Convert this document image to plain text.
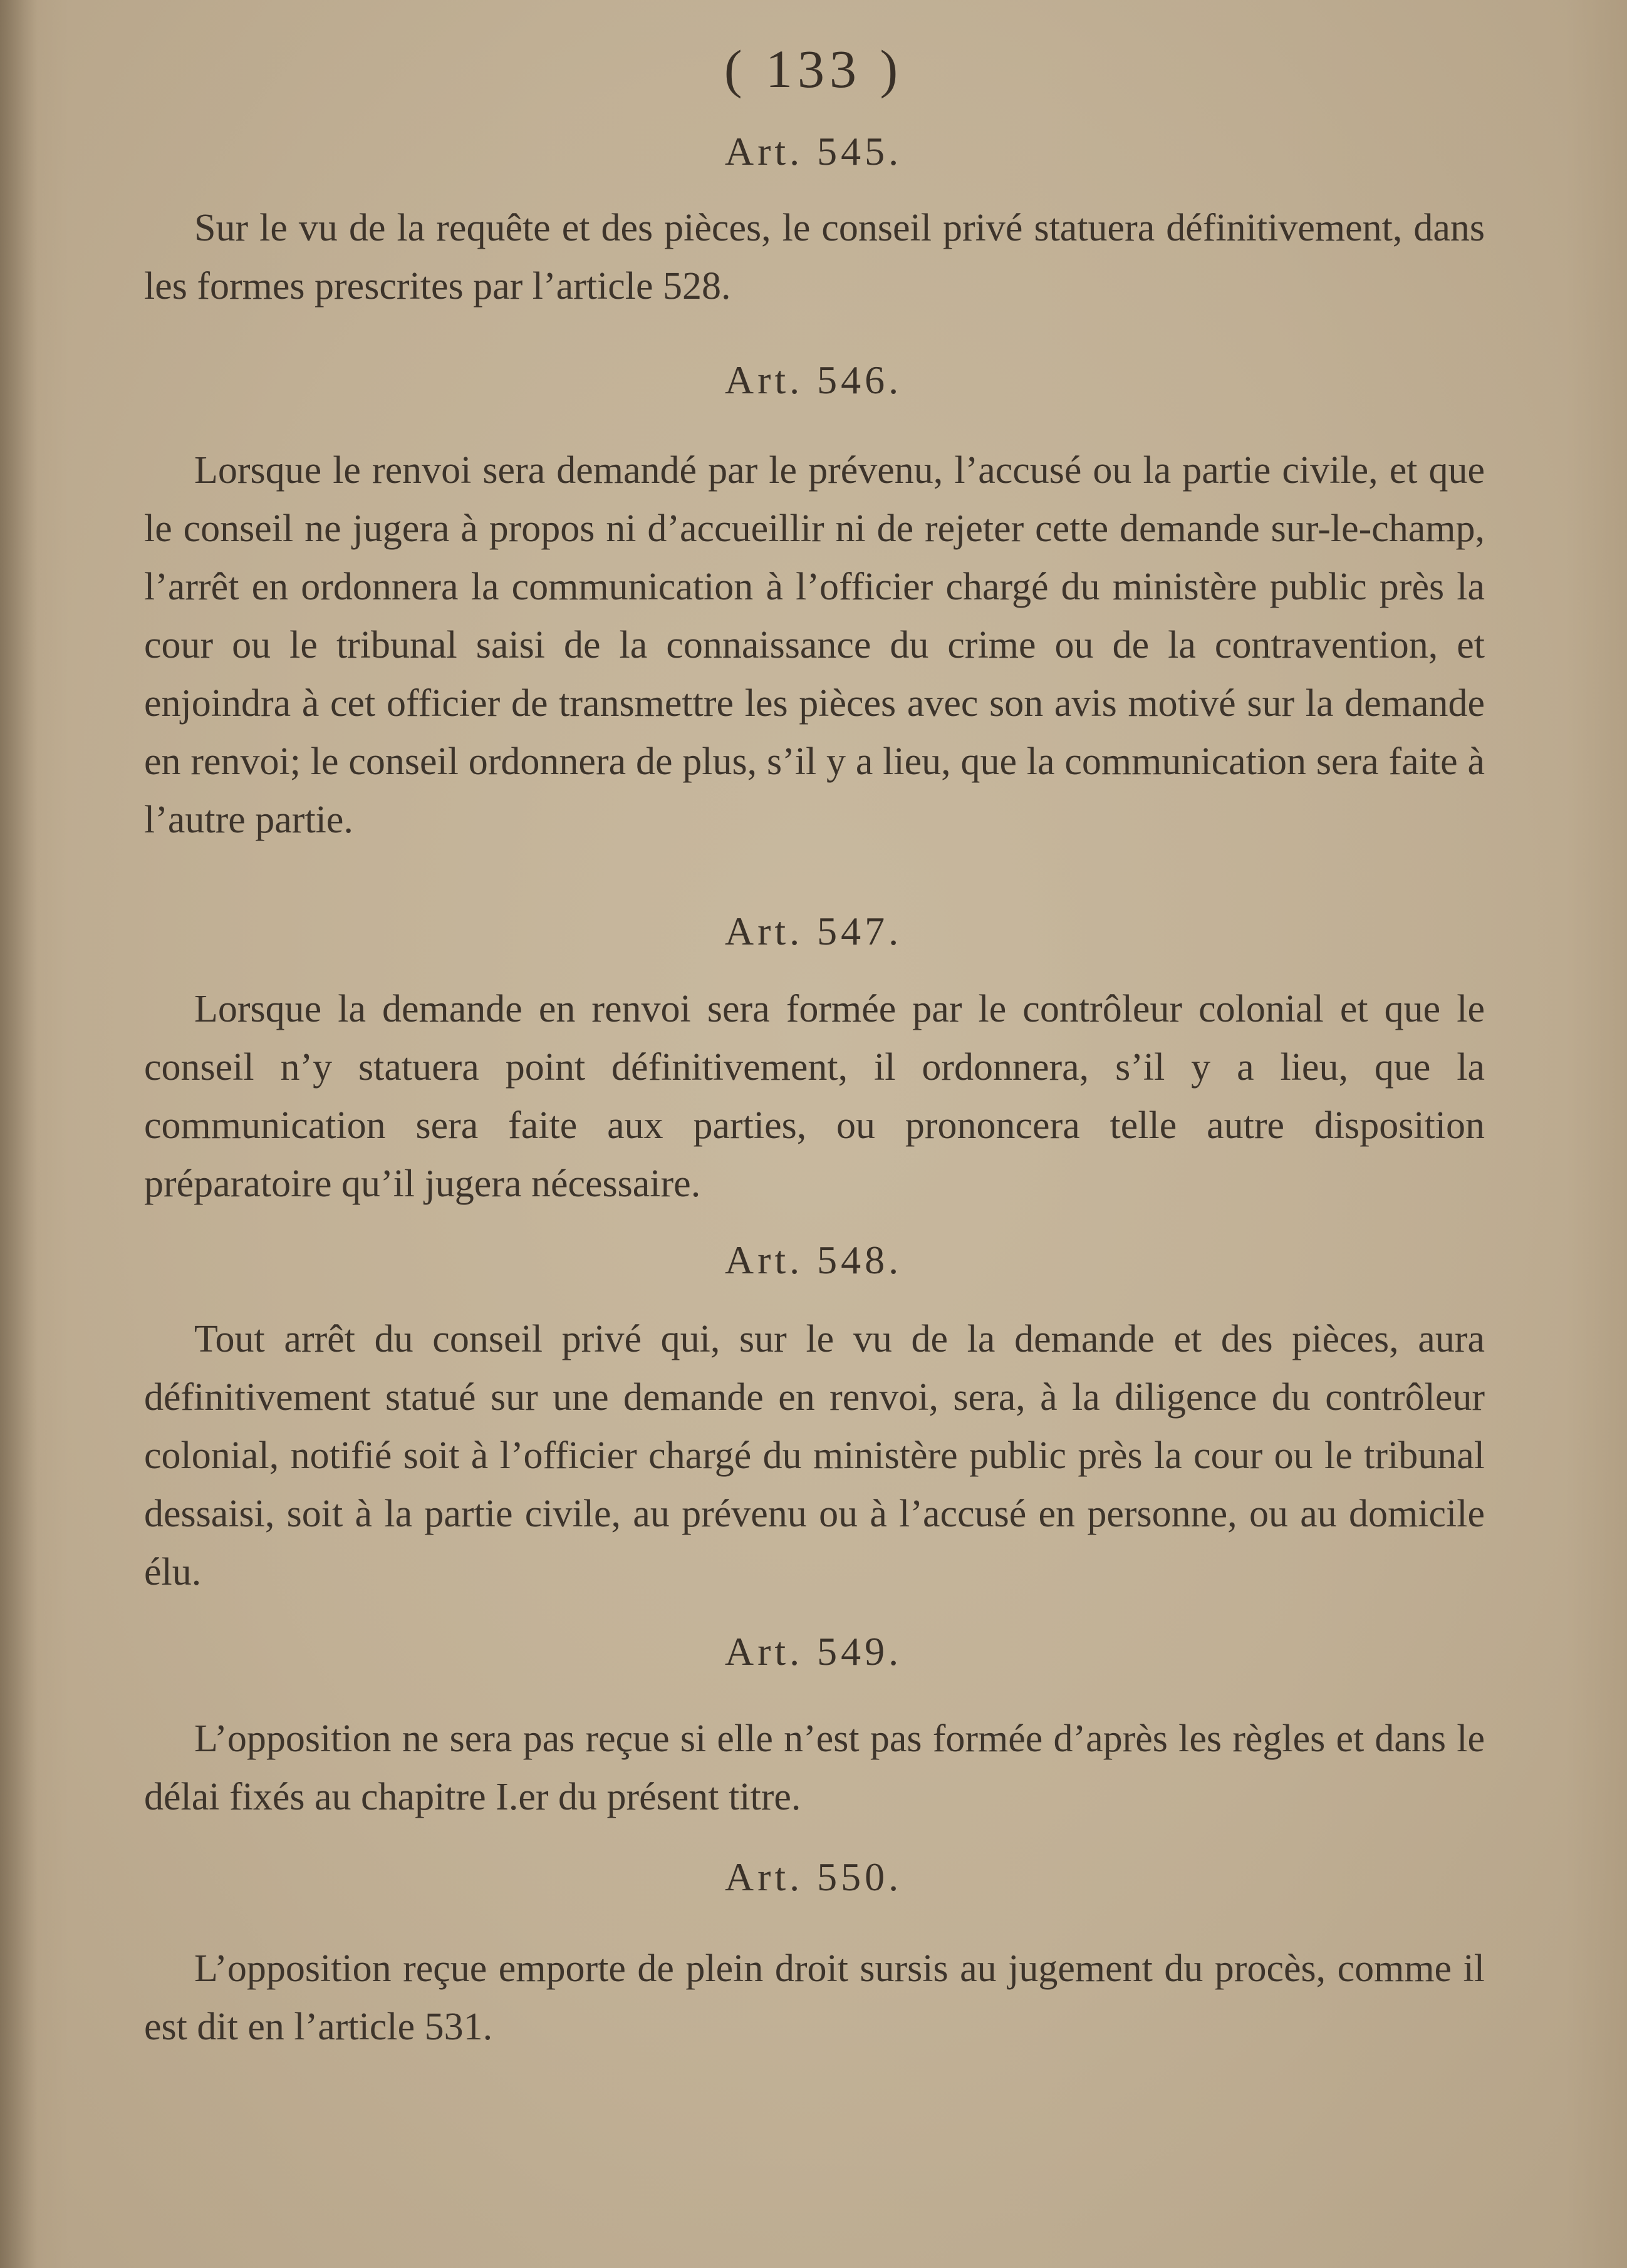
( 133 )
Art. 545.
Sur le vu de la requête et des pièces, le conseil privé statuera définitivement, dans les formes prescrites par l’article 528.
Art. 546.
Lorsque le renvoi sera demandé par le prévenu, l’accusé ou la partie civile, et que le conseil ne jugera à propos ni d’accueillir ni de rejeter cette demande sur-le-champ, l’arrêt en ordonnera la communication à l’officier chargé du ministère public près la cour ou le tribunal saisi de la connaissance du crime ou de la contravention, et enjoindra à cet officier de transmettre les pièces avec son avis motivé sur la demande en renvoi; le conseil ordonnera de plus, s’il y a lieu, que la communication sera faite à l’autre partie.
Art. 547.
Lorsque la demande en renvoi sera formée par le contrôleur colonial et que le conseil n’y statuera point définitivement, il ordonnera, s’il y a lieu, que la communication sera faite aux parties, ou prononcera telle autre disposition préparatoire qu’il jugera nécessaire.
Art. 548.
Tout arrêt du conseil privé qui, sur le vu de la demande et des pièces, aura définitivement statué sur une demande en renvoi, sera, à la diligence du contrôleur colonial, notifié soit à l’officier chargé du ministère public près la cour ou le tribunal dessaisi, soit à la partie civile, au prévenu ou à l’accusé en personne, ou au domicile élu.
Art. 549.
L’opposition ne sera pas reçue si elle n’est pas formée d’après les règles et dans le délai fixés au chapitre I.er du présent titre.
Art. 550.
L’opposition reçue emporte de plein droit sursis au jugement du procès, comme il est dit en l’article 531.
